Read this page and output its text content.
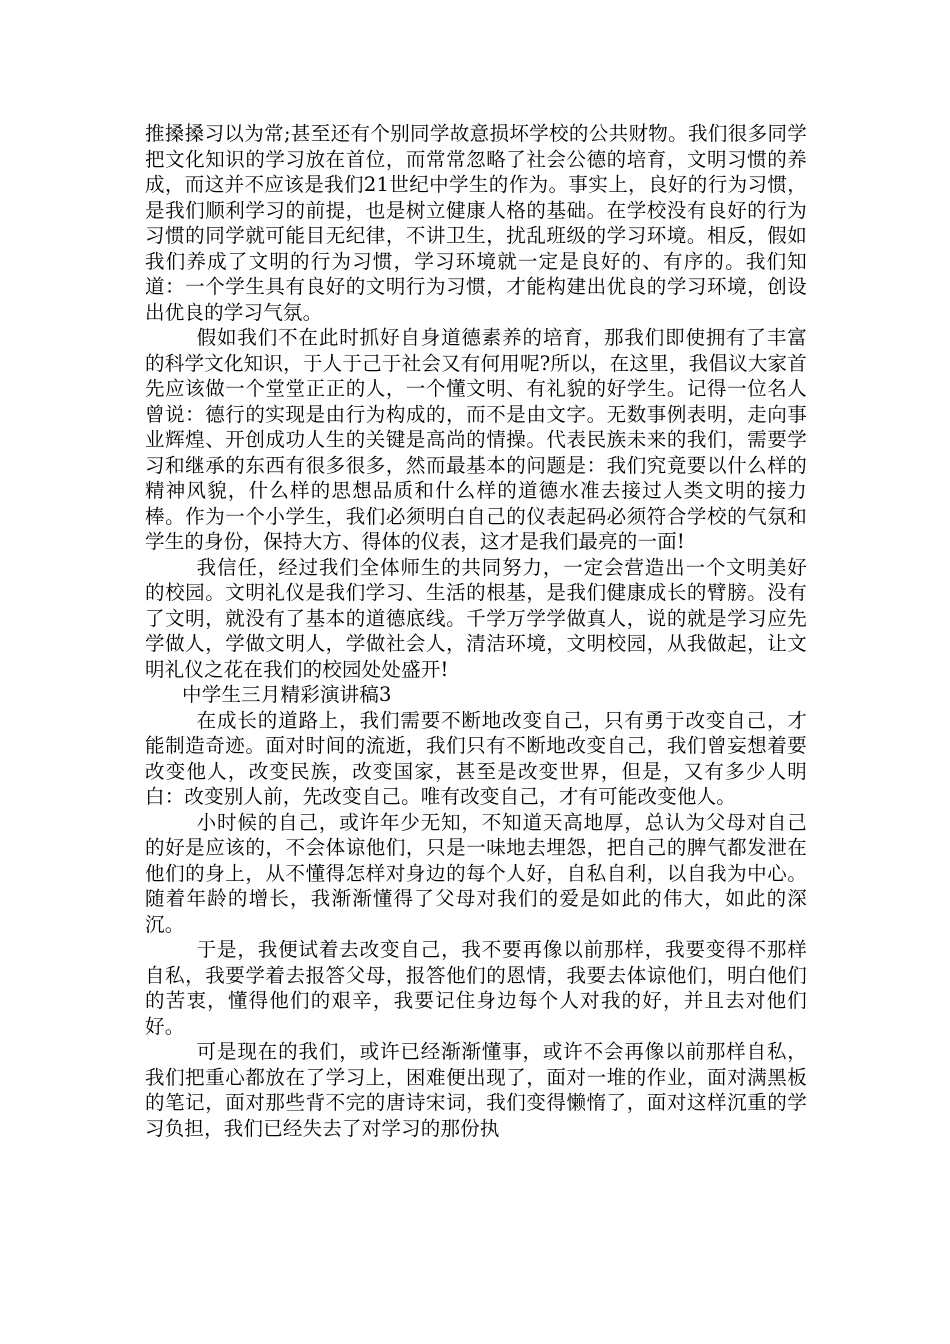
推搡搡习以为常;甚至还有个别同学故意损坏学校的公共财物。我们很多同学把文化知识的学习放在首位，而常常忽略了社会公德的培育，文明习惯的养成，而这并不应该是我们21世纪中学生的作为。事实上，良好的行为习惯，是我们顺利学习的前提，也是树立健康人格的基础。在学校没有良好的行为习惯的同学就可能目无纪律，不讲卫生，扰乱班级的学习环境。相反，假如我们养成了文明的行为习惯，学习环境就一定是良好的、有序的。我们知道：一个学生具有良好的文明行为习惯，才能构建出优良的学习环境，创设出优良的学习气氛。

假如我们不在此时抓好自身道德素养的培育，那我们即使拥有了丰富的科学文化知识，于人于己于社会又有何用呢?所以，在这里，我倡议大家首先应该做一个堂堂正正的人，一个懂文明、有礼貌的好学生。记得一位名人曾说：德行的实现是由行为构成的，而不是由文字。无数事例表明，走向事业辉煌、开创成功人生的关键是高尚的情操。代表民族未来的我们，需要学习和继承的东西有很多很多，然而最基本的问题是：我们究竟要以什么样的精神风貌，什么样的思想品质和什么样的道德水准去接过人类文明的接力棒。作为一个小学生，我们必须明白自己的仪表起码必须符合学校的气氛和学生的身份，保持大方、得体的仪表，这才是我们最亮的一面!

我信任，经过我们全体师生的共同努力，一定会营造出一个文明美好的校园。文明礼仪是我们学习、生活的根基，是我们健康成长的臂膀。没有了文明，就没有了基本的道德底线。千学万学学做真人，说的就是学习应先学做人，学做文明人，学做社会人，清洁环境，文明校园，从我做起，让文明礼仪之花在我们的校园处处盛开!

中学生三月精彩演讲稿3

在成长的道路上，我们需要不断地改变自己，只有勇于改变自己，才能制造奇迹。面对时间的流逝，我们只有不断地改变自己，我们曾妄想着要改变他人，改变民族，改变国家，甚至是改变世界，但是，又有多少人明白：改变别人前，先改变自己。唯有改变自己，才有可能改变他人。

小时候的自己，或许年少无知，不知道天高地厚，总认为父母对自己的好是应该的，不会体谅他们，只是一味地去埋怨，把自己的脾气都发泄在他们的身上，从不懂得怎样对身边的每个人好，自私自利，以自我为中心。随着年龄的增长，我渐渐懂得了父母对我们的爱是如此的伟大，如此的深沉。

于是，我便试着去改变自己，我不要再像以前那样，我要变得不那样自私，我要学着去报答父母，报答他们的恩情，我要去体谅他们，明白他们的苦衷，懂得他们的艰辛，我要记住身边每个人对我的好，并且去对他们好。

可是现在的我们，或许已经渐渐懂事，或许不会再像以前那样自私，我们把重心都放在了学习上，困难便出现了，面对一堆的作业，面对满黑板的笔记，面对那些背不完的唐诗宋词，我们变得懒惰了，面对这样沉重的学习负担，我们已经失去了对学习的那份执
